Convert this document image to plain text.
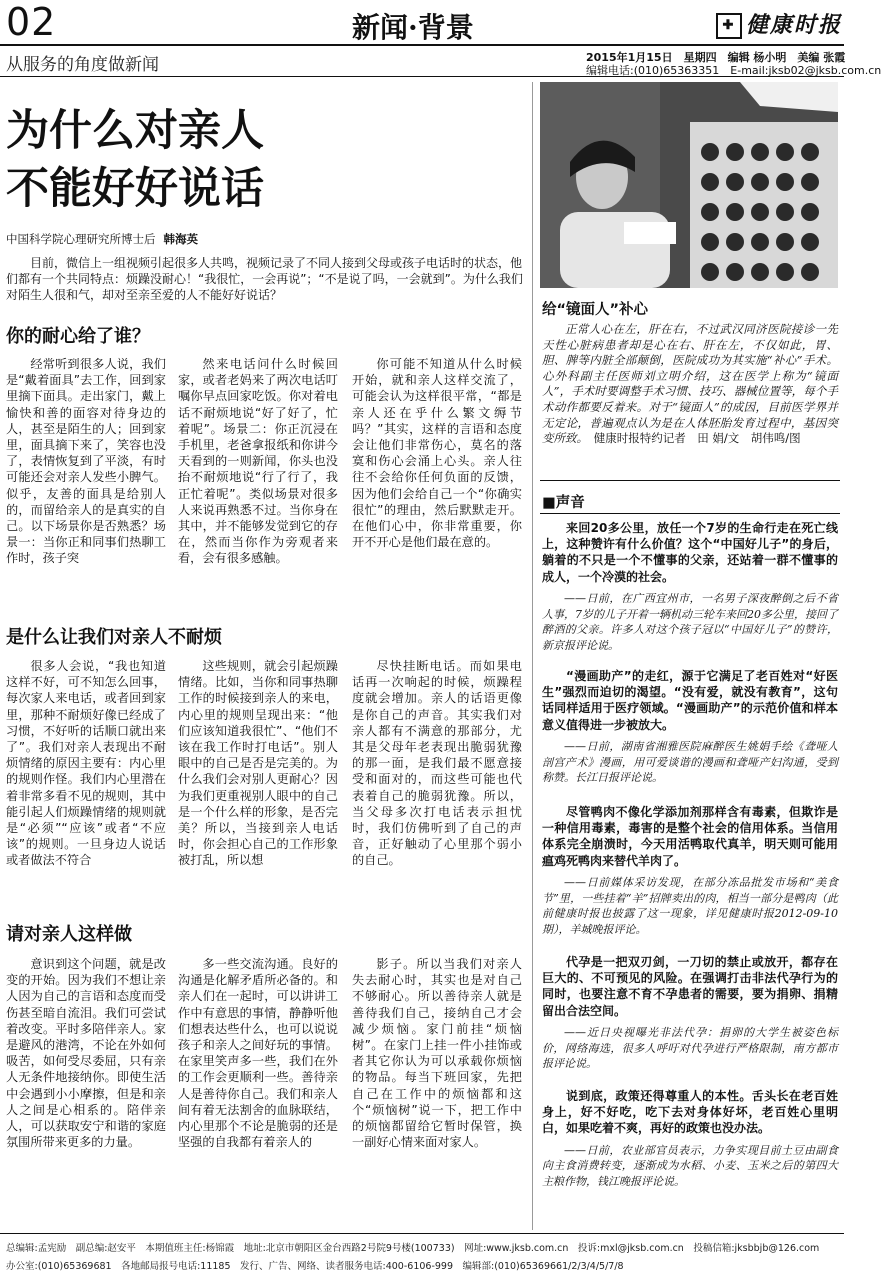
02	新闻·背景	✚ 健康时报
从服务的角度做新闻	2015年1月15日　星期四　编辑 杨小明　美编 张霞
编辑电话:(010)65363351　E-mail:jksb02@jksb.com.cn
为什么对亲人
不能好好说话
中国科学院心理研究所博士后 韩海英
目前，微信上一组视频引起很多人共鸣，视频记录了不同人接到父母或孩子电话时的状态，他们都有一个共同特点：烦躁没耐心！“我很忙，一会再说”；“不是说了吗，一会就到”。为什么我们对陌生人很和气，却对至亲至爱的人不能好好说话？
你的耐心给了谁？

经常听到很多人说，我们是“戴着面具”去工作，回到家里摘下面具。走出家门，戴上愉快和善的面容对待身边的人，甚至是陌生的人；回到家里，面具摘下来了，笑容也没了，表情恢复到了平淡，有时可能还会对亲人发些小脾气。似乎，友善的面具是给别人的，而留给亲人的是真实的自己。以下场景你是否熟悉？场景一：当你正和同事们热聊工作时，孩子突

然来电话问什么时候回家，或者老妈来了两次电话叮嘱你早点回家吃饭。你对着电话不耐烦地说“好了好了，忙着呢”。场景二：你正沉浸在手机里，老爸拿报纸和你讲今天看到的一则新闻，你头也没抬不耐烦地说“行了行了，我正忙着呢”。类似场景对很多人来说再熟悉不过。当你身在其中，并不能够发觉到它的存在，然而当你作为旁观者来看，会有很多感触。

你可能不知道从什么时候开始，就和亲人这样交流了，可能会认为这样很平常，“都是亲人还在乎什么繁文缛节吗？”其实，这样的言语和态度会让他们非常伤心，莫名的落寞和伤心会涌上心头。亲人往往不会给你任何负面的反馈，因为他们会给自己一个“你确实很忙”的理由，然后默默走开。在他们心中，你非常重要，你开不开心是他们最在意的。

是什么让我们对亲人不耐烦

很多人会说，“我也知道这样不好，可不知怎么回事，每次家人来电话，或者回到家里，那种不耐烦好像已经成了习惯，不好听的话顺口就出来了”。我们对亲人表现出不耐烦情绪的原因主要有：内心里的规则作怪。我们内心里潜在着非常多看不见的规则，其中能引起人们烦躁情绪的规则就是“必须”“应该”或者“不应该”的规则。一旦身边人说话或者做法不符合

这些规则，就会引起烦躁情绪。比如，当你和同事热聊工作的时候接到亲人的来电，内心里的规则呈现出来：“他们应该知道我很忙”、“他们不该在我工作时打电话”。别人眼中的自己是否是完美的。为什么我们会对别人更耐心？因为我们更重视别人眼中的自己是一个什么样的形象，是否完美？所以，当接到亲人电话时，你会担心自己的工作形象被打乱，所以想

尽快挂断电话。而如果电话再一次响起的时候，烦躁程度就会增加。亲人的话语更像是你自己的声音。其实我们对亲人都有不满意的那部分，尤其是父母年老表现出脆弱犹豫的那一面，是我们最不愿意接受和面对的，而这些可能也代表着自己的脆弱犹豫。所以，当父母多次打电话表示担忧时，我们仿佛听到了自己的声音，正好触动了心里那个弱小的自己。

请对亲人这样做

意识到这个问题，就是改变的开始。因为我们不想让亲人因为自己的言语和态度而受伤甚至暗自流泪。我们可尝试着改变。平时多陪伴亲人。家是避风的港湾，不论在外如何吸苦，如何受尽委屈，只有亲人无条件地接纳你。即使生活中会遇到小小摩擦，但是和亲人之间是心相系的。陪伴亲人，可以获取安宁和谐的家庭氛围所带来更多的力量。

多一些交流沟通。良好的沟通是化解矛盾所必备的。和亲人们在一起时，可以讲讲工作中有意思的事情，静静听他们想表达些什么，也可以说说孩子和亲人之间好玩的事情。在家里笑声多一些，我们在外的工作会更顺利一些。善待亲人是善待你自己。我们和亲人间有着无法割舍的血脉联结，内心里那个不论是脆弱的还是坚强的自我都有着亲人的

影子。所以当我们对亲人失去耐心时，其实也是对自己不够耐心。所以善待亲人就是善待我们自己，接纳自己才会减少烦恼。家门前挂“烦恼树”。在家门上挂一件小挂饰或者其它你认为可以承载你烦恼的物品。每当下班回家，先把自己在工作中的烦恼都和这个“烦恼树”说一下，把工作中的烦恼都留给它暂时保管，换一副好心情来面对家人。

给“镜面人”补心
正常人心在左，肝在右，不过武汉同济医院接诊一先天性心脏病患者却是心在右、肝在左，不仅如此，胃、胆、脾等内脏全部颠倒，医院成功为其实施“补心”手术。心外科副主任医师刘立明介绍，这在医学上称为“镜面人”，手术时要调整手术习惯、技巧、器械位置等，每个手术动作都要反着来。对于“镜面人”的成因，目前医学界并无定论，普遍观点认为是在人体胚胎发育过程中，基因突变所致。　 健康时报特约记者　田 娟/文　胡伟鸣/图
■声音

来回20多公里，放任一个7岁的生命行走在死亡线上，这种赞许有什么价值？这个“中国好儿子”的身后，躺着的不只是一个不懂事的父亲，还站着一群不懂事的成人，一个冷漠的社会。

——日前，在广西宜州市，一名男子深夜醉倒之后不省人事，7岁的儿子开着一辆机动三轮车来回20多公里，接回了醉酒的父亲。许多人对这个孩子冠以“中国好儿子”的赞许，新京报评论说。

“漫画助产”的走红，源于它满足了老百姓对“好医生”强烈而迫切的渴望。“没有爱，就没有教育”，这句话同样适用于医疗领域。“漫画助产”的示范价值和样本意义值得进一步被放大。

——日前，湖南省湘雅医院麻醉医生姚娟手绘《聋哑人剖宫产术》漫画，用可爱谈谐的漫画和聋哑产妇沟通，受到称赞。长江日报评论说。

尽管鸭肉不像化学添加剂那样含有毒素，但欺诈是一种信用毒素，毒害的是整个社会的信用体系。当信用体系完全崩溃时，今天用活鸭取代真羊，明天则可能用瘟鸡死鸭肉来替代羊肉了。

——日前媒体采访发现，在部分冻品批发市场和“美食节”里，一些挂着“羊”招牌卖出的肉，相当一部分是鸭肉（此前健康时报也披露了这一现象，详见健康时报2012-09-10期），羊城晚报评论。

代孕是一把双刃剑，一刀切的禁止或放开，都存在巨大的、不可预见的风险。在强调打击非法代孕行为的同时，也要注意不育不孕患者的需要，要为捐卵、捐精留出合法空间。

——近日央视曝光非法代孕：捐卵的大学生被姿色标价，网络海选，很多人呼吁对代孕进行严格限制，南方都市报评论说。

说到底，政策还得尊重人的本性。舌头长在老百姓身上，好不好吃，吃下去对身体好坏，老百姓心里明白，如果吃着不爽，再好的政策也没办法。

——日前，农业部官员表示，力争实现目前土豆由副食向主食消费转变，逐渐成为水稻、小麦、玉米之后的第四大主粮作物，钱江晚报评论说。

总编辑:孟宪励　副总编:赵安平　本期值班主任:杨锦霞　地址:北京市朝阳区金台西路2号院9号楼(100733)　网址:www.jksb.com.cn　投诉:mxl@jksb.com.cn　投稿信箱:jksbbjb@126.com
办公室:(010)65369681　各地邮局报号电话:11185　发行、广告、网络、读者服务电话:400-6106-999　编辑部:(010)65369661/2/3/4/5/7/8
